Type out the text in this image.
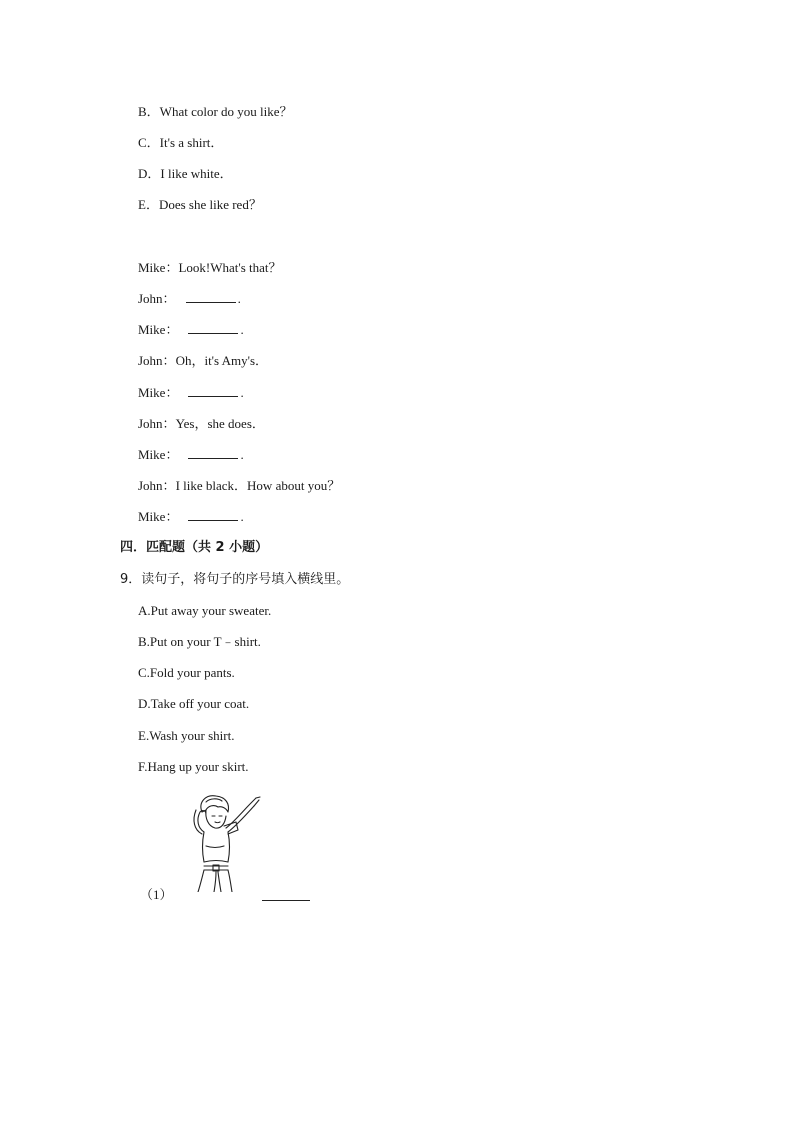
B．What color do you like？
C．It's a shirt．
D．I like white．
E．Does she like red？
Mike：Look!What's that？
John：	.
Mike：	.
John：Oh，it's Amy's．
Mike：	.
John：Yes，she does．
Mike：	.
John：I like black．How about you？
Mike：	.
四．匹配题（共 2 小题）
9．读句子，将句子的序号填入横线里。
A.Put away your sweater.
B.Put on your T﹣shirt.
C.Fold your pants.
D.Take off your coat.
E.Wash your shirt.
F.Hang up your skirt.
（1）
